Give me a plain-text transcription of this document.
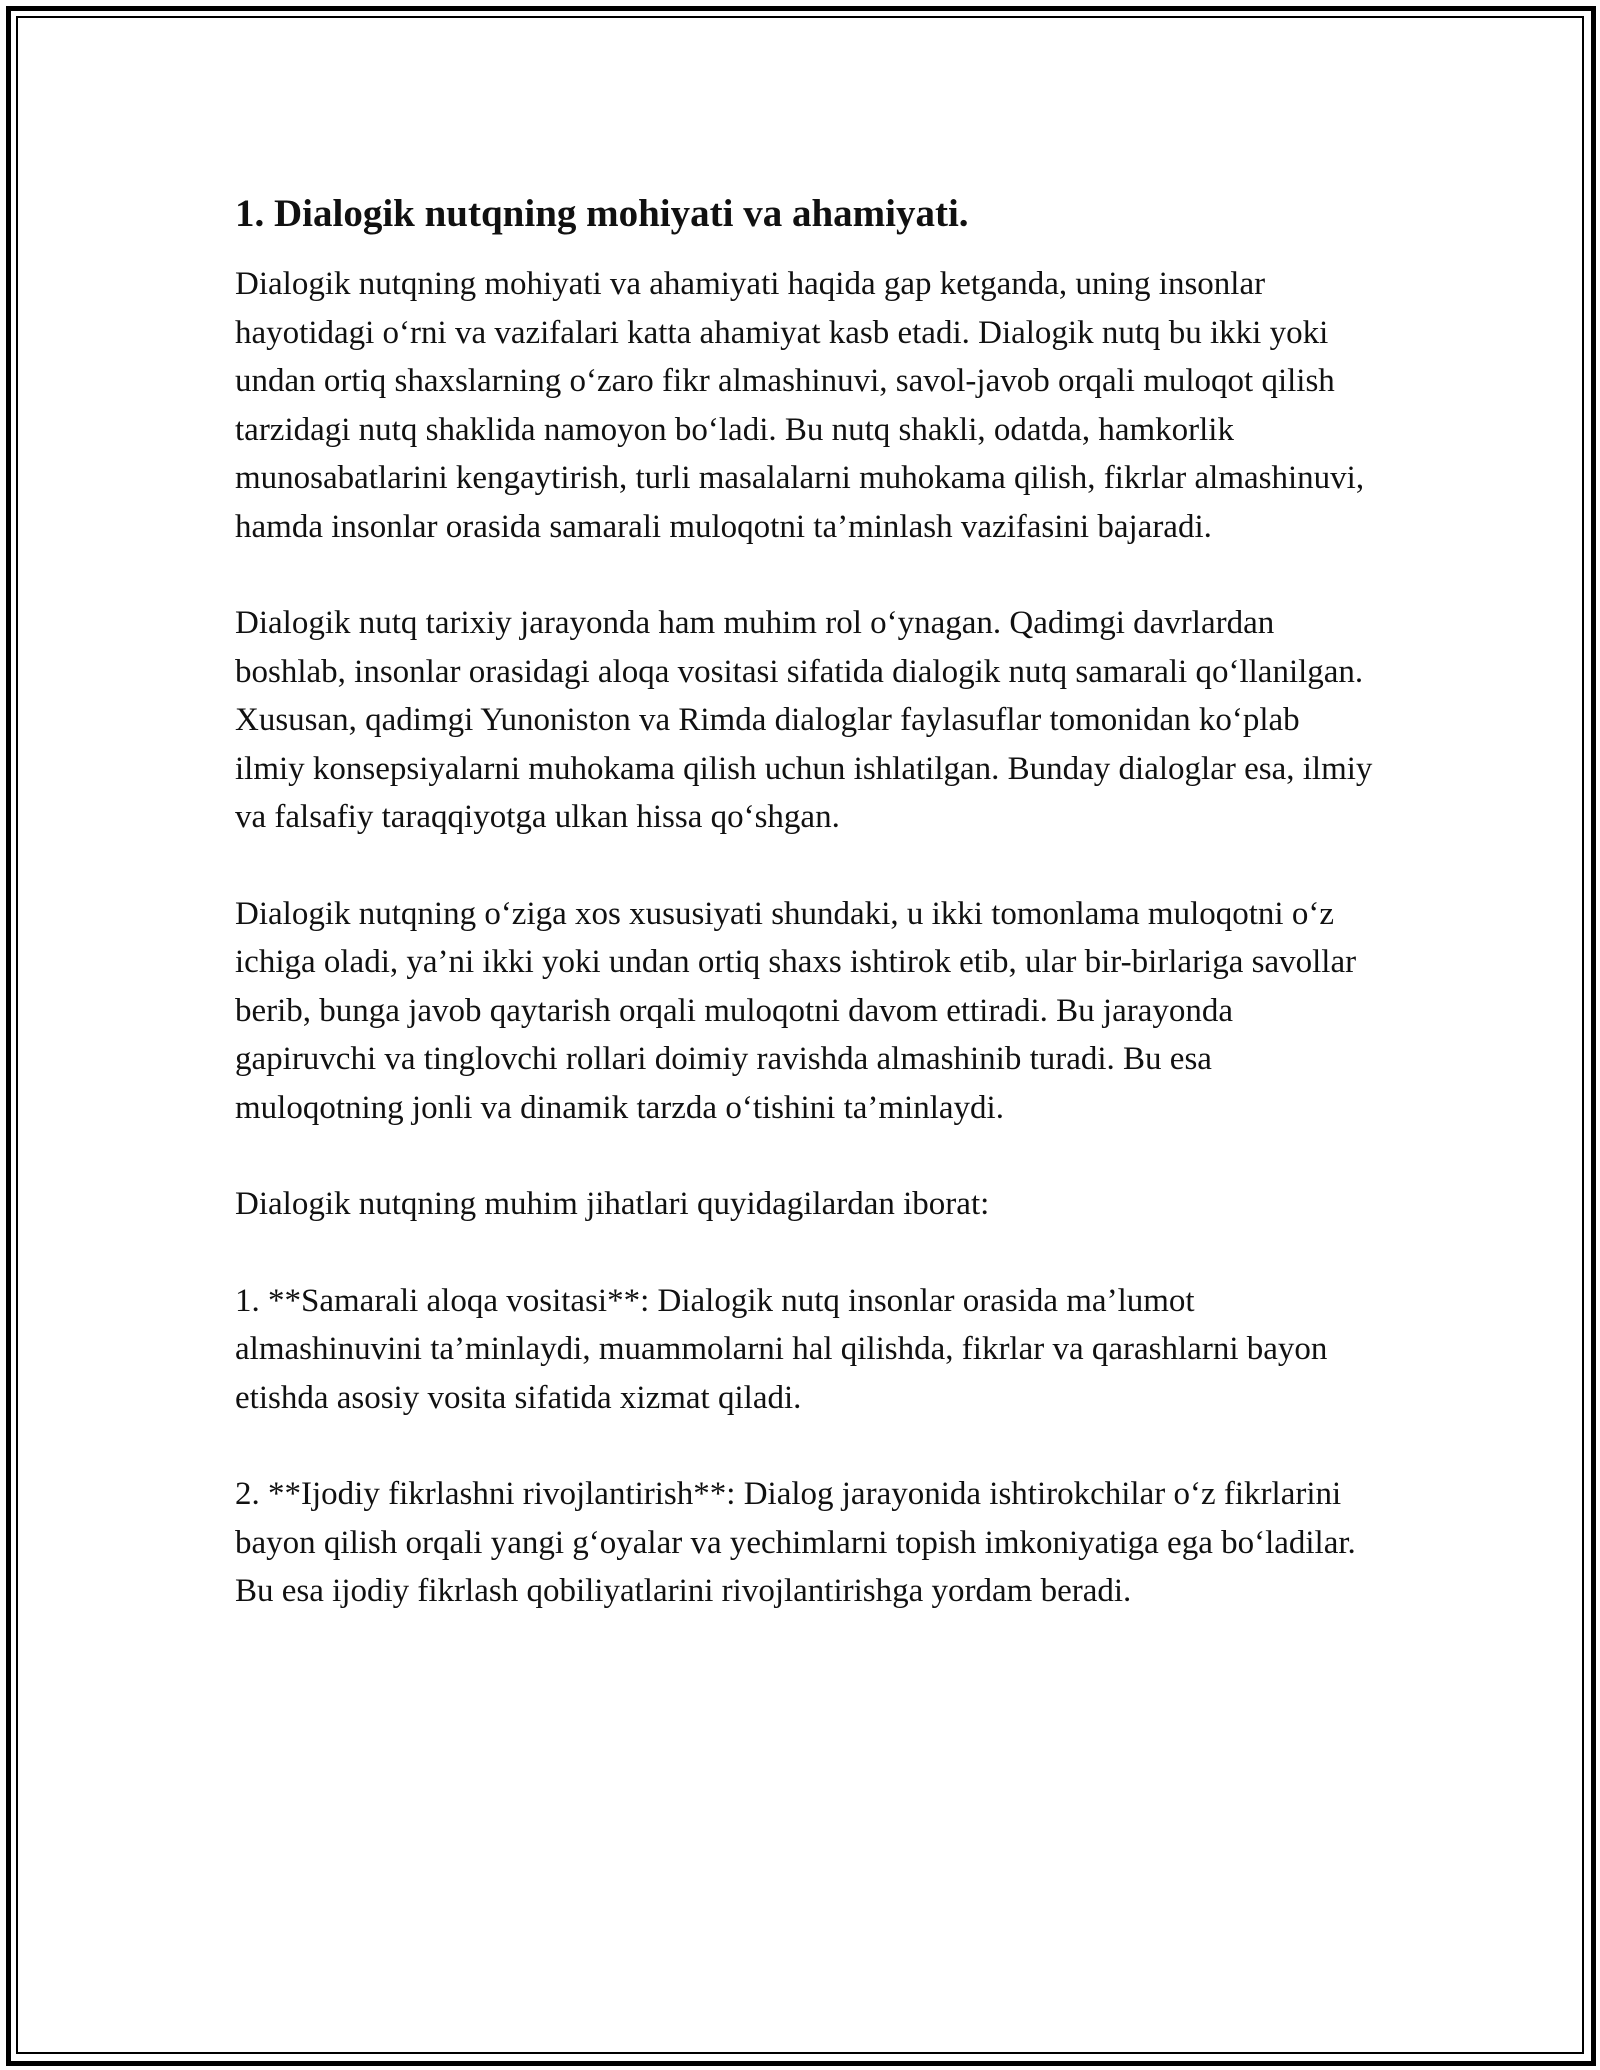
1. Dialogik nutqning mohiyati va ahamiyati.

Dialogik nutqning mohiyati va ahamiyati haqida gap ketganda, uning insonlar hayotidagi o‘rni va vazifalari katta ahamiyat kasb etadi. Dialogik nutq bu ikki yoki undan ortiq shaxslarning o‘zaro fikr almashinuvi, savol-javob orqali muloqot qilish tarzidagi nutq shaklida namoyon bo‘ladi. Bu nutq shakli, odatda, hamkorlik munosabatlarini kengaytirish, turli masalalarni muhokama qilish, fikrlar almashinuvi, hamda insonlar orasida samarali muloqotni ta’minlash vazifasini bajaradi.

Dialogik nutq tarixiy jarayonda ham muhim rol o‘ynagan. Qadimgi davrlardan boshlab, insonlar orasidagi aloqa vositasi sifatida dialogik nutq samarali qo‘llanilgan. Xususan, qadimgi Yunoniston va Rimda dialoglar faylasuflar tomonidan ko‘plab ilmiy konsepsiyalarni muhokama qilish uchun ishlatilgan. Bunday dialoglar esa, ilmiy va falsafiy taraqqiyotga ulkan hissa qo‘shgan.

Dialogik nutqning o‘ziga xos xususiyati shundaki, u ikki tomonlama muloqotni o‘z ichiga oladi, ya’ni ikki yoki undan ortiq shaxs ishtirok etib, ular bir-birlariga savollar berib, bunga javob qaytarish orqali muloqotni davom ettiradi. Bu jarayonda gapiruvchi va tinglovchi rollari doimiy ravishda almashinib turadi. Bu esa muloqotning jonli va dinamik tarzda o‘tishini ta’minlaydi.

Dialogik nutqning muhim jihatlari quyidagilardan iborat:

1. **Samarali aloqa vositasi**: Dialogik nutq insonlar orasida ma’lumot almashinuvini ta’minlaydi, muammolarni hal qilishda, fikrlar va qarashlarni bayon etishda asosiy vosita sifatida xizmat qiladi.

2. **Ijodiy fikrlashni rivojlantirish**: Dialog jarayonida ishtirokchilar o‘z fikrlarini bayon qilish orqali yangi g‘oyalar va yechimlarni topish imkoniyatiga ega bo‘ladilar. Bu esa ijodiy fikrlash qobiliyatlarini rivojlantirishga yordam beradi.
